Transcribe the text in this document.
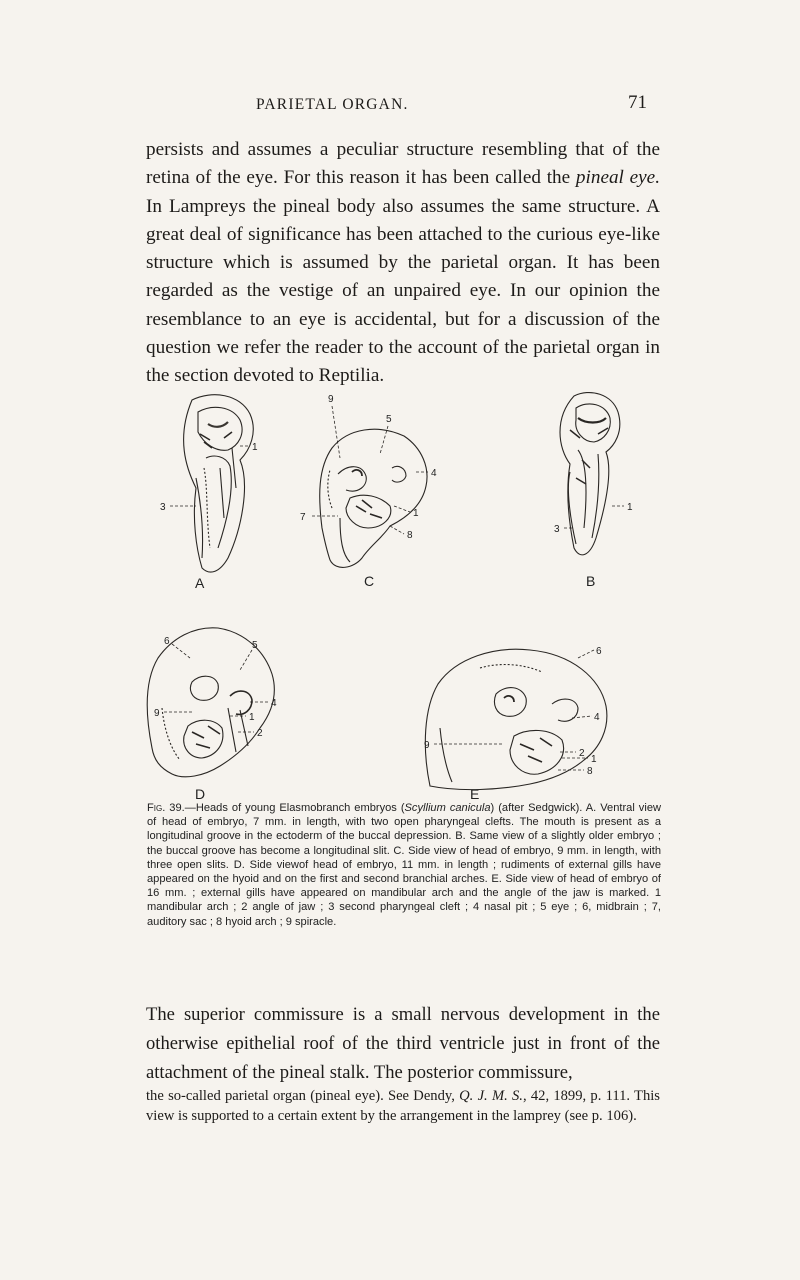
PARIETAL ORGAN.	71
persists and assumes a peculiar structure resembling that of the retina of the eye. For this reason it has been called the pineal eye. In Lampreys the pineal body also assumes the same structure. A great deal of significance has been attached to the curious eye-like structure which is assumed by the parietal organ. It has been regarded as the vestige of an unpaired eye. In our opinion the resemblance to an eye is accidental, but for a discussion of the question we refer the reader to the account of the parietal organ in the section devoted to Reptilia.
1
3	1
3
9
5
4
7	1
8
6	5
4
9	1
2
6
9
4
2
1
8
A	B
C
D	E
Fig. 39.—Heads of young Elasmobranch embryos (Scyllium canicula) (after Sedgwick). A. Ventral view of head of embryo, 7 mm. in length, with two open pharyngeal clefts. The mouth is present as a longitudinal groove in the ectoderm of the buccal depression. B. Same view of a slightly older embryo ; the buccal groove has become a longitudinal slit. C. Side view of head of embryo, 9 mm. in length, with three open slits. D. Side viewof head of embryo, 11 mm. in length ; rudiments of external gills have appeared on the hyoid and on the first and second branchial arches. E. Side view of head of embryo of 16 mm. ; external gills have appeared on mandibular arch and the angle of the jaw is marked. 1 mandibular arch ; 2 angle of jaw ; 3 second pharyngeal cleft ; 4 nasal pit ; 5 eye ; 6, midbrain ; 7, auditory sac ; 8 hyoid arch ; 9 spiracle.
The superior commissure is a small nervous development in the otherwise epithelial roof of the third ventricle just in front of the attachment of the pineal stalk. The posterior commissure,
the so-called parietal organ (pineal eye). See Dendy, Q. J. M. S., 42, 1899, p. 111. This view is supported to a certain extent by the arrangement in the lamprey (see p. 106).
